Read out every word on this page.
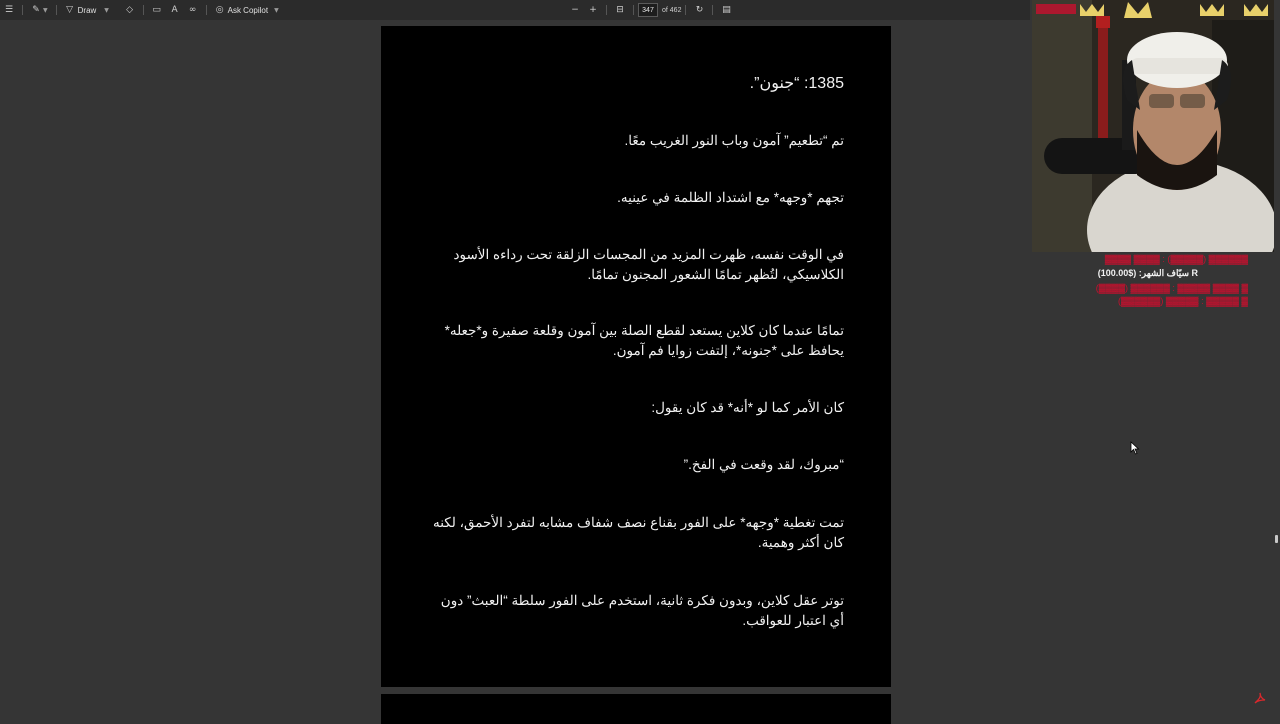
☰ ✎ ▼ ▽ Draw ▼ ◇ ▭ A ∞ ◎ Ask Copilot ▼	− + ⊟
347	of 462 ↻ ▤
1385: “جنون”.
تم “تطعيم” آمون وباب النور الغريب معًا.
تجهم *وجهه* مع اشتداد الظلمة في عينيه.
في الوقت نفسه، ظهرت المزيد من المجسات الزلقة تحت رداءه الأسود الكلاسيكي، لتُظهر تمامًا الشعور المجنون تمامًا.
تمامًا عندما كان كلاين يستعد لقطع الصلة بين آمون وقلعة صفيرة و*جعله* يحافظ على *جنونه*، إلتفت زوايا فم آمون.
كان الأمر كما لو *أنه* قد كان يقول:
“مبروك، لقد وقعت في الفخ.”
تمت تغطية *وجهه* على الفور بقناع نصف شفاف مشابه لتفرد الأحمق، لكنه كان أكثر وهمية.
توتر عقل كلاين، وبدون فكرة ثانية، استخدم على الفور سلطة “العبث” دون أي اعتبار للعواقب.
▓▓▓▓▓▓ (▓▓▓▓▓) : ▓▓▓▓ ▓▓▓▓
سيّاف الشهر: ($100.00) R
▓ ▓▓▓▓ ▓▓▓▓▓ : ▓▓▓▓▓▓ (▓▓▓▓)
▓ ▓▓▓▓▓ : ▓▓▓▓▓ (▓▓▓▓▓▓)
